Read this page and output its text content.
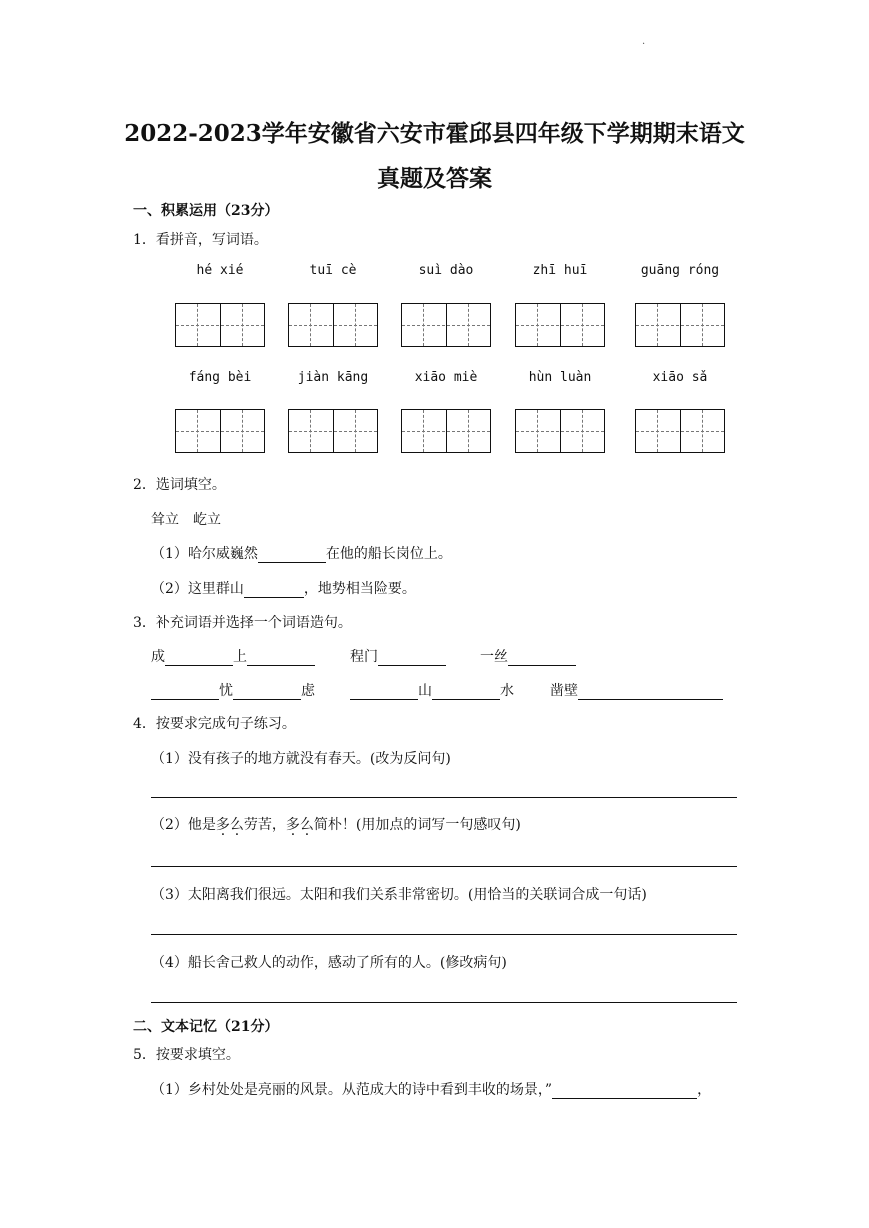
.
2022-2023学年安徽省六安市霍邱县四年级下学期期末语文
真题及答案
一、积累运用（23分）
1．看拼音，写词语。
hé xié	tuī cè	suì dào	zhī huī	guāng róng
fáng bèi	jiàn kāng	xiāo miè	hùn luàn	xiāo sǎ
2．选词填空。
耸立　屹立
（1）哈尔威巍然	在他的船长岗位上。
（2）这里群山	，地势相当险要。
3．补充词语并选择一个词语造句。
成	上	程门	一丝
忧	虑	山	水	凿壁
4．按要求完成句子练习。
（1）没有孩子的地方就没有春天。(改为反问句)
（2）他是多么劳苦，多么简朴！(用加点的词写一句感叹句)
（3）太阳离我们很远。太阳和我们关系非常密切。(用恰当的关联词合成一句话)
（4）船长舍己救人的动作，感动了所有的人。(修改病句)
二、文本记忆（21分）
5．按要求填空。
（1）乡村处处是亮丽的风景。从范成大的诗中看到丰收的场景，”	，
